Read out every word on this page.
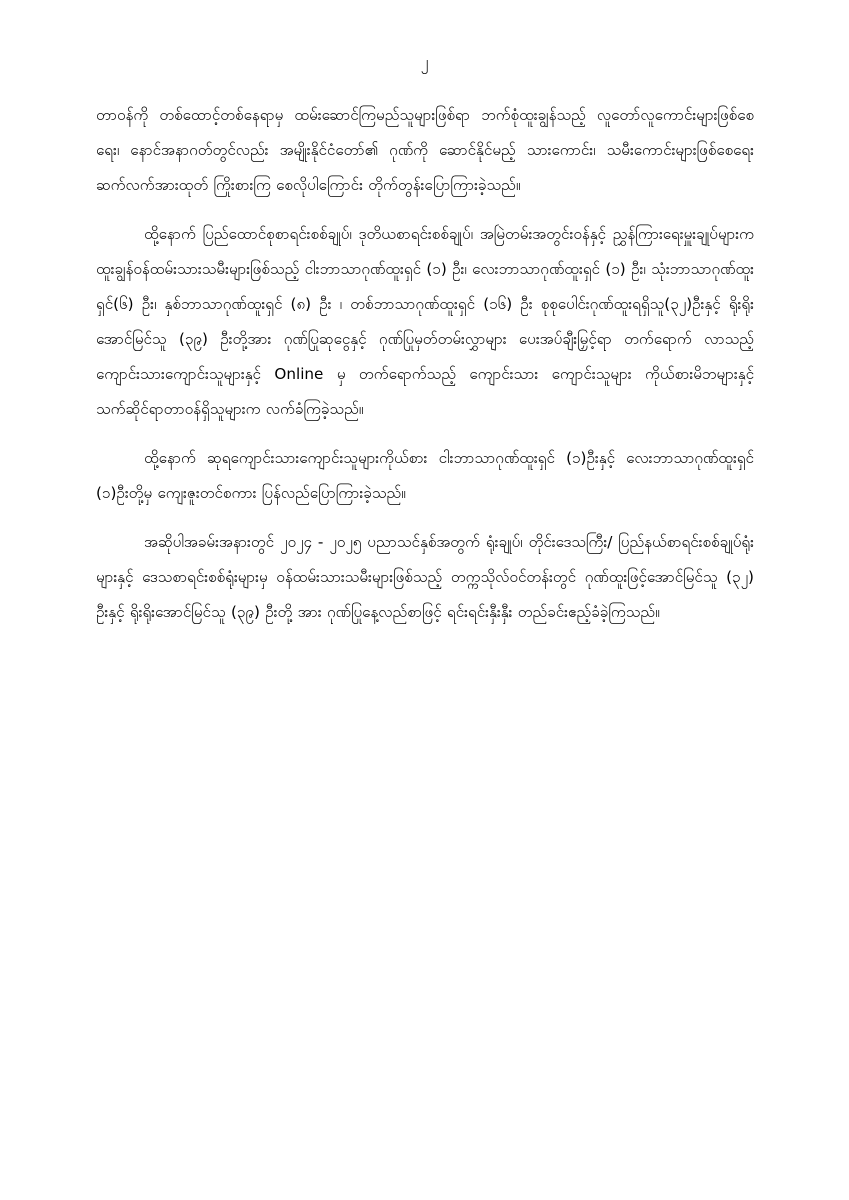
၂

တာဝန်ကို တစ်ထောင့်တစ်နေရာမှ ထမ်းဆောင်ကြမည်သူများဖြစ်ရာ ဘက်စုံထူးချွန်သည့် လူတော်လူကောင်းများဖြစ်စေရေး၊ နောင်အနာဂတ်တွင်လည်း အမျိုးနိုင်ငံတော်၏ ဂုဏ်ကို ဆောင်နိုင်မည့် သားကောင်း၊ သမီးကောင်းများဖြစ်စေရေး ဆက်လက်အားထုတ် ကြိုးစားကြ စေလိုပါကြောင်း တိုက်တွန်းပြောကြားခဲ့သည်။

ထို့နောက် ပြည်ထောင်စုစာရင်းစစ်ချုပ်၊ ဒုတိယစာရင်းစစ်ချုပ်၊ အမြဲတမ်းအတွင်းဝန်နှင့် ညွှန်ကြားရေးမှူးချုပ်များက ထူးချွန်ဝန်ထမ်းသားသမီးများဖြစ်သည့် ငါးဘာသာဂုဏ်ထူးရှင် (၁) ဦး၊ လေးဘာသာဂုဏ်ထူးရှင် (၁) ဦး၊ သုံးဘာသာဂုဏ်ထူးရှင်(၆) ဦး၊ နှစ်ဘာသာဂုဏ်ထူးရှင် (၈) ဦး ၊ တစ်ဘာသာဂုဏ်ထူးရှင် (၁၆) ဦး စုစုပေါင်းဂုဏ်ထူးရရှိသူ(၃၂)ဦးနှင့် ရိုးရိုးအောင်မြင်သူ (၃၉) ဦးတို့အား ဂုဏ်ပြုဆုငွေနှင့် ဂုဏ်ပြုမှတ်တမ်းလွှာများ ပေးအပ်ချီးမြှင့်ရာ တက်ရောက် လာသည့် ကျောင်းသားကျောင်းသူများနှင့် Online မှ တက်ရောက်သည့် ကျောင်းသား ကျောင်းသူများ ကိုယ်စားမိဘများနှင့် သက်ဆိုင်ရာတာဝန်ရှိသူများက လက်ခံကြခဲ့သည်။

ထို့နောက် ဆုရကျောင်းသားကျောင်းသူများကိုယ်စား ငါးဘာသာဂုဏ်ထူးရှင် (၁)ဦးနှင့် လေးဘာသာဂုဏ်ထူးရှင် (၁)ဦးတို့မှ ကျေးဇူးတင်စကား ပြန်လည်ပြောကြားခဲ့သည်။

အဆိုပါအခမ်းအနားတွင် ၂၀၂၄ - ၂၀၂၅ ပညာသင်နှစ်အတွက် ရုံးချုပ်၊ တိုင်းဒေသကြီး/ ပြည်နယ်စာရင်းစစ်ချုပ်ရုံးများနှင့် ဒေသစာရင်းစစ်ရုံးများမှ ဝန်ထမ်းသားသမီးများဖြစ်သည့် တက္ကသိုလ်ဝင်တန်းတွင် ဂုဏ်ထူးဖြင့်အောင်မြင်သူ (၃၂) ဦးနှင့် ရိုးရိုးအောင်မြင်သူ (၃၉) ဦးတို့ အား ဂုဏ်ပြုနေ့လည်စာဖြင့် ရင်းရင်းနှီးနှီး တည်ခင်းဧည့်ခံခဲ့ကြသည်။
